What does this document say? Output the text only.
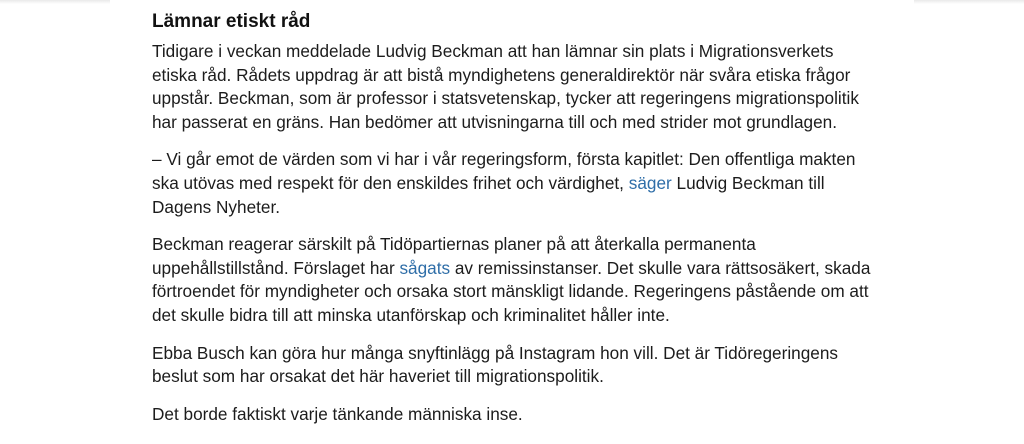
Lämnar etiskt råd

Tidigare i veckan meddelade Ludvig Beckman att han lämnar sin plats i Migrationsverkets etiska råd. Rådets uppdrag är att bistå myndighetens generaldirektör när svåra etiska frågor uppstår. Beckman, som är professor i statsvetenskap, tycker att regeringens migrationspolitik har passerat en gräns. Han bedömer att utvisningarna till och med strider mot grundlagen.

– Vi går emot de värden som vi har i vår regeringsform, första kapitlet: Den offentliga makten ska utövas med respekt för den enskildes frihet och värdighet, säger Ludvig Beckman till Dagens Nyheter.

Beckman reagerar särskilt på Tidöpartiernas planer på att återkalla permanenta uppehållstillstånd. Förslaget har sågats av remissinstanser. Det skulle vara rättsosäkert, skada förtroendet för myndigheter och orsaka stort mänskligt lidande. Regeringens påstående om att det skulle bidra till att minska utanförskap och kriminalitet håller inte.

Ebba Busch kan göra hur många snyftinlägg på Instagram hon vill. Det är Tidöregeringens beslut som har orsakat det här haveriet till migrationspolitik.

Det borde faktiskt varje tänkande människa inse.
